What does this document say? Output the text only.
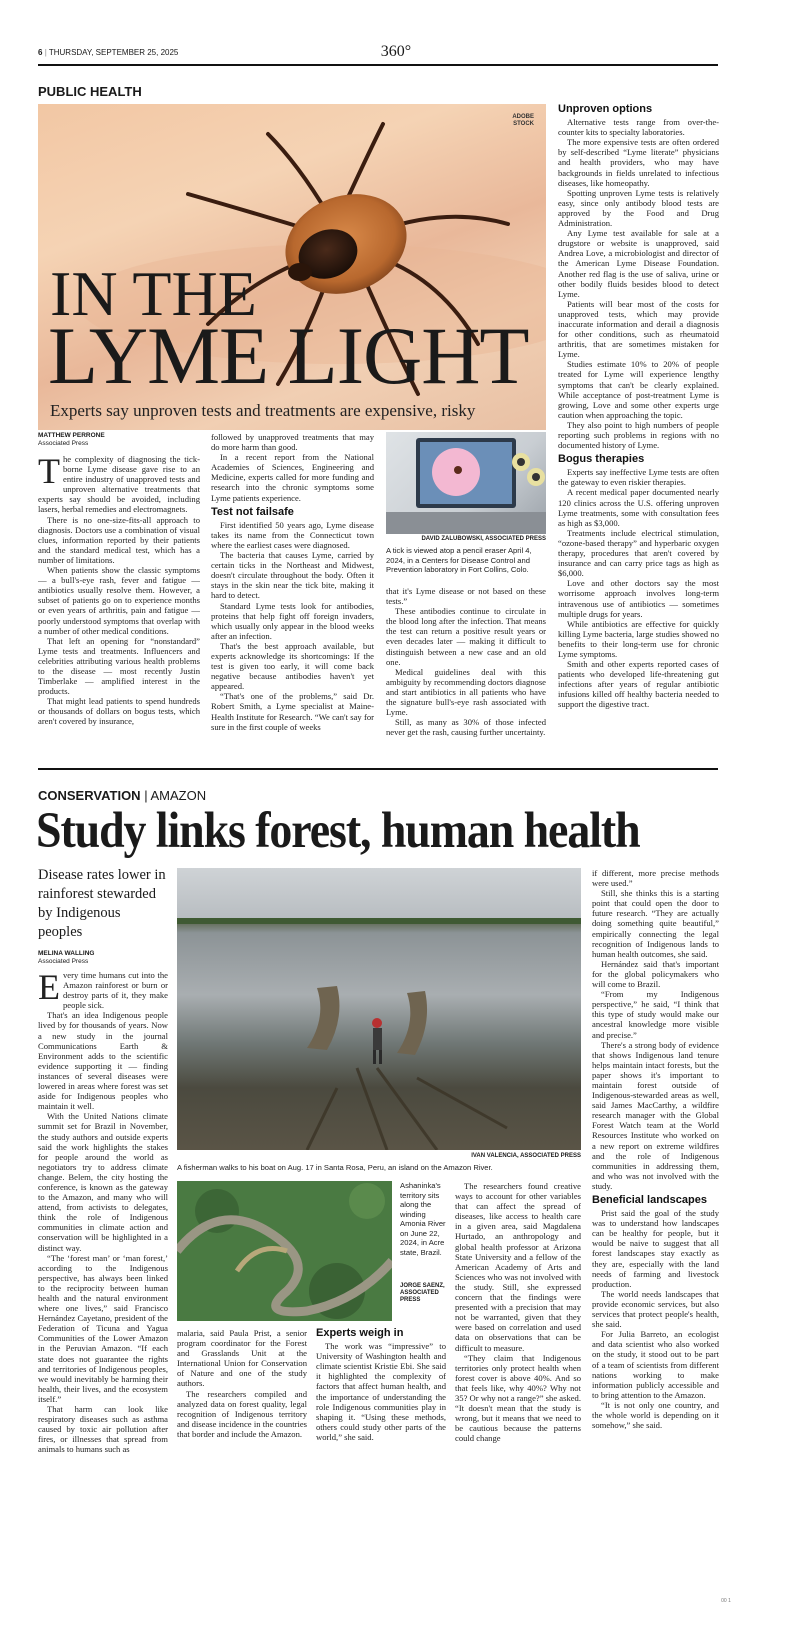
6 | THURSDAY, SEPTEMBER 25, 2025	360°
PUBLIC HEALTH
ADOBE STOCK
IN THE
LYME LIGHT
Experts say unproven tests and treatments are expensive, risky
MATTHEW PERRONE
Associated Press

The complexity of diagnosing the tick-borne Lyme disease gave rise to an entire industry of unapproved tests and unproven alternative treatments that experts say should be avoided, including lasers, herbal remedies and electromagnets.

There is no one-size-fits-all approach to diagnosis. Doctors use a combination of visual clues, information reported by their patients and the standard medical test, which has a number of limitations.

When patients show the classic symptoms — a bull's-eye rash, fever and fatigue — antibiotics usually resolve them. However, a subset of patients go on to experience months or even years of arthritis, pain and fatigue — poorly understood symptoms that overlap with a number of other medical conditions.

That left an opening for “nonstandard” Lyme tests and treatments. Influencers and celebrities attributing various health problems to the disease — most recently Justin Timberlake — amplified interest in the products.

That might lead patients to spend hundreds or thousands of dollars on bogus tests, which aren't covered by insurance,

followed by unapproved treatments that may do more harm than good.

In a recent report from the National Academies of Sciences, Engineering and Medicine, experts called for more funding and research into the chronic symptoms some Lyme patients experience.

Test not failsafe

First identified 50 years ago, Lyme disease takes its name from the Connecticut town where the earliest cases were diagnosed.

The bacteria that causes Lyme, carried by certain ticks in the Northeast and Midwest, doesn't circulate throughout the body. Often it stays in the skin near the tick bite, making it hard to detect.

Standard Lyme tests look for antibodies, proteins that help fight off foreign invaders, which usually only appear in the blood weeks after an infection.

That's the best approach available, but experts acknowledge its shortcomings: If the test is given too early, it will come back negative because antibodies haven't yet appeared.

“That's one of the problems,” said Dr. Robert Smith, a Lyme specialist at Maine-Health Institute for Research. “We can't say for sure in the first couple of weeks

DAVID ZALUBOWSKI, ASSOCIATED PRESS
A tick is viewed atop a pencil eraser April 4, 2024, in a Centers for Disease Control and Prevention laboratory in Fort Collins, Colo.

that it's Lyme disease or not based on these tests.”

These antibodies continue to circulate in the blood long after the infection. That means the test can return a positive result years or even decades later — making it difficult to distinguish between a new case and an old one.

Medical guidelines deal with this ambiguity by recommending doctors diagnose and start antibiotics in all patients who have the signature bull's-eye rash associated with Lyme.

Still, as many as 30% of those infected never get the rash, causing further uncertainty.

Unproven options

Alternative tests range from over-the-counter kits to specialty laboratories.

The more expensive tests are often ordered by self-described “Lyme literate” physicians and health providers, who may have backgrounds in fields unrelated to infectious diseases, like homeopathy.

Spotting unproven Lyme tests is relatively easy, since only antibody blood tests are approved by the Food and Drug Administration.

Any Lyme test available for sale at a drugstore or website is unapproved, said Andrea Love, a microbiologist and director of the American Lyme Disease Foundation. Another red flag is the use of saliva, urine or other bodily fluids besides blood to detect Lyme.

Patients will bear most of the costs for unapproved tests, which may provide inaccurate information and derail a diagnosis for other conditions, such as rheumatoid arthritis, that are sometimes mistaken for Lyme.

Studies estimate 10% to 20% of people treated for Lyme will experience lengthy symptoms that can't be clearly explained. While acceptance of post-treatment Lyme is growing, Love and some other experts urge caution when approaching the topic.

They also point to high numbers of people reporting such problems in regions with no documented history of Lyme.

Bogus therapies

Experts say ineffective Lyme tests are often the gateway to even riskier therapies.

A recent medical paper documented nearly 120 clinics across the U.S. offering unproven Lyme treatments, some with consultation fees as high as $3,000.

Treatments include electrical stimulation, “ozone-based therapy” and hyperbaric oxygen therapy, procedures that aren't covered by insurance and can carry price tags as high as $6,000.

Love and other doctors say the most worrisome approach involves long-term intravenous use of antibiotics — sometimes multiple drugs for years.

While antibiotics are effective for quickly killing Lyme bacteria, large studies showed no benefits to their long-term use for chronic Lyme symptoms.

Smith and other experts reported cases of patients who developed life-threatening gut infections after years of regular antibiotic infusions killed off healthy bacteria needed to support the digestive tract.

CONSERVATION | AMAZON
Study links forest, human health
Disease rates lower in rainforest stewarded by Indigenous peoples
MELINA WALLING
Associated Press

Every time humans cut into the Amazon rainforest or burn or destroy parts of it, they make people sick.

That's an idea Indigenous people lived by for thousands of years. Now a new study in the journal Communications Earth & Environment adds to the scientific evidence supporting it — finding instances of several diseases were lowered in areas where forest was set aside for Indigenous peoples who maintain it well.

With the United Nations climate summit set for Brazil in November, the study authors and outside experts said the work highlights the stakes for people around the world as negotiators try to address climate change. Belem, the city hosting the conference, is known as the gateway to the Amazon, and many who will attend, from activists to delegates, think the role of Indigenous communities in climate action and conservation will be highlighted in a distinct way.

“The ‘forest man’ or ‘man forest,’ according to the Indigenous perspective, has always been linked to the reciprocity between human health and the natural environment where one lives,” said Francisco Hernández Cayetano, president of the Federation of Ticuna and Yagua Communities of the Lower Amazon in the Peruvian Amazon. “If each state does not guarantee the rights and territories of Indigenous peoples, we would inevitably be harming their health, their lives, and the ecosystem itself.”

That harm can look like respiratory diseases such as asthma caused by toxic air pollution after fires, or illnesses that spread from animals to humans such as

IVAN VALENCIA, ASSOCIATED PRESS
A fisherman walks to his boat on Aug. 17 in Santa Rosa, Peru, an island on the Amazon River.
Ashaninka's territory sits along the winding Amonia River on June 22, 2024, in Acre state, Brazil.
JORGE SAENZ, ASSOCIATED PRESS

malaria, said Paula Prist, a senior program coordinator for the Forest and Grasslands Unit at the International Union for Conservation of Nature and one of the study authors.

The researchers compiled and analyzed data on forest quality, legal recognition of Indigenous territory and disease incidence in the countries that border and include the Amazon.

Experts weigh in

The work was “impressive” to University of Washington health and climate scientist Kristie Ebi. She said it highlighted the complexity of factors that affect human health, and the importance of understanding the role Indigenous communities play in shaping it. “Using these methods, others could study other parts of the world,” she said.

The researchers found creative ways to account for other variables that can affect the spread of diseases, like access to health care in a given area, said Magdalena Hurtado, an anthropology and global health professor at Arizona State University and a fellow of the American Academy of Arts and Sciences who was not involved with the study. Still, she expressed concern that the findings were presented with a precision that may not be warranted, given that they were based on correlation and used data on observations that can be difficult to measure.

“They claim that Indigenous territories only protect health when forest cover is above 40%. And so that feels like, why 40%? Why not 35? Or why not a range?” she asked. “It doesn't mean that the study is wrong, but it means that we need to be cautious because the patterns could change

if different, more precise methods were used.”

Still, she thinks this is a starting point that could open the door to future research. “They are actually doing something quite beautiful,” empirically connecting the legal recognition of Indigenous lands to human health outcomes, she said.

Hernández said that's important for the global policymakers who will come to Brazil.

“From my Indigenous perspective,” he said, “I think that this type of study would make our ancestral knowledge more visible and precise.”

There's a strong body of evidence that shows Indigenous land tenure helps maintain intact forests, but the paper shows it's important to maintain forest outside of Indigenous-stewarded areas as well, said James MacCarthy, a wildfire research manager with the Global Forest Watch team at the World Resources Institute who worked on a new report on extreme wildfires and the role of Indigenous communities in addressing them, and who was not involved with the study.

Beneficial landscapes

Prist said the goal of the study was to understand how landscapes can be healthy for people, but it would be naive to suggest that all forest landscapes stay exactly as they are, especially with the land needs of farming and livestock production.

The world needs landscapes that provide economic services, but also services that protect people's health, she said.

For Julia Barreto, an ecologist and data scientist who also worked on the study, it stood out to be part of a team of scientists from different nations working to make information publicly accessible and to bring attention to the Amazon.

“It is not only one country, and the whole world is depending on it somehow,” she said.

00 1
